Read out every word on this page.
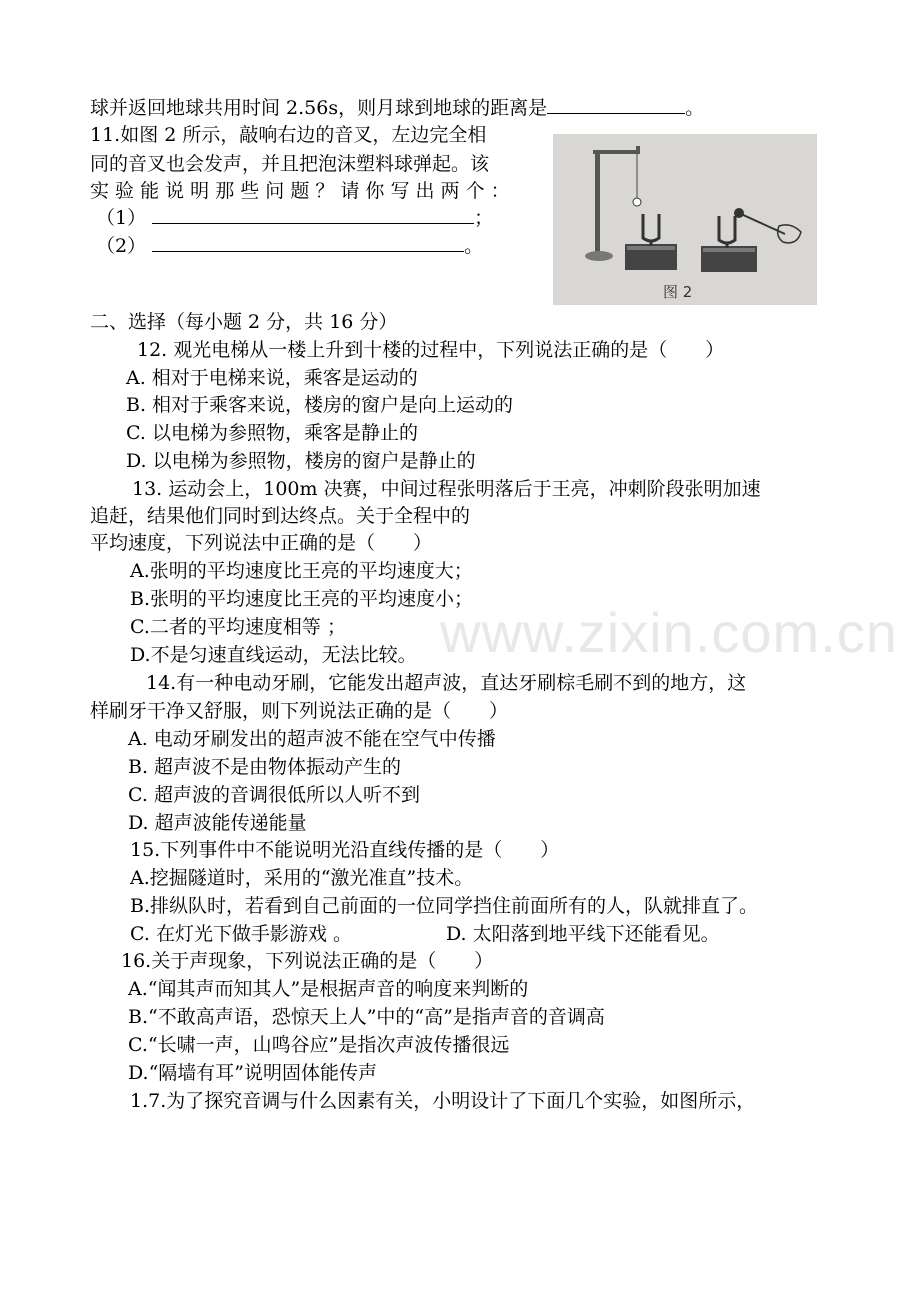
www.zixin.com.cn
球并返回地球共用时间 2.56s，则月球到地球的距离是	。
11.如图 2 所示，敲响右边的音叉，左边完全相
同的音叉也会发声，并且把泡沫塑料球弹起。该
实 验 能 说 明 那 些 问 题 ？ 请 你 写 出 两 个 ：
（1）	；
（2）	。
图 2
二、选择（每小题 2 分，共 16 分）
12. 观光电梯从一楼上升到十楼的过程中，下列说法正确的是（　　）
A. 相对于电梯来说，乘客是运动的
B. 相对于乘客来说，楼房的窗户是向上运动的
C. 以电梯为参照物，乘客是静止的
D. 以电梯为参照物，楼房的窗户是静止的
13. 运动会上，100m 决赛，中间过程张明落后于王亮，冲刺阶段张明加速
追赶，结果他们同时到达终点。关于全程中的
平均速度，下列说法中正确的是（　　）
A.张明的平均速度比王亮的平均速度大；
B.张明的平均速度比王亮的平均速度小；
C.二者的平均速度相等 ；
D.不是匀速直线运动，无法比较。
14.有一种电动牙刷，它能发出超声波，直达牙刷棕毛刷不到的地方，这
样刷牙干净又舒服，则下列说法正确的是（　　）
A. 电动牙刷发出的超声波不能在空气中传播
B. 超声波不是由物体振动产生的
C. 超声波的音调很低所以人听不到
D. 超声波能传递能量
15.下列事件中不能说明光沿直线传播的是（　　）
A.挖掘隧道时，采用的“激光准直”技术。
B.排纵队时，若看到自己前面的一位同学挡住前面所有的人，队就排直了。
C. 在灯光下做手影游戏 。	D. 太阳落到地平线下还能看见。
16.关于声现象，下列说法正确的是（　　）
A.“闻其声而知其人”是根据声音的响度来判断的
B.“不敢高声语，恐惊天上人”中的“高”是指声音的音调高
C.“长啸一声，山鸣谷应”是指次声波传播很远
D.“隔墙有耳”说明固体能传声
1.7.为了探究音调与什么因素有关，小明设计了下面几个实验，如图所示，
